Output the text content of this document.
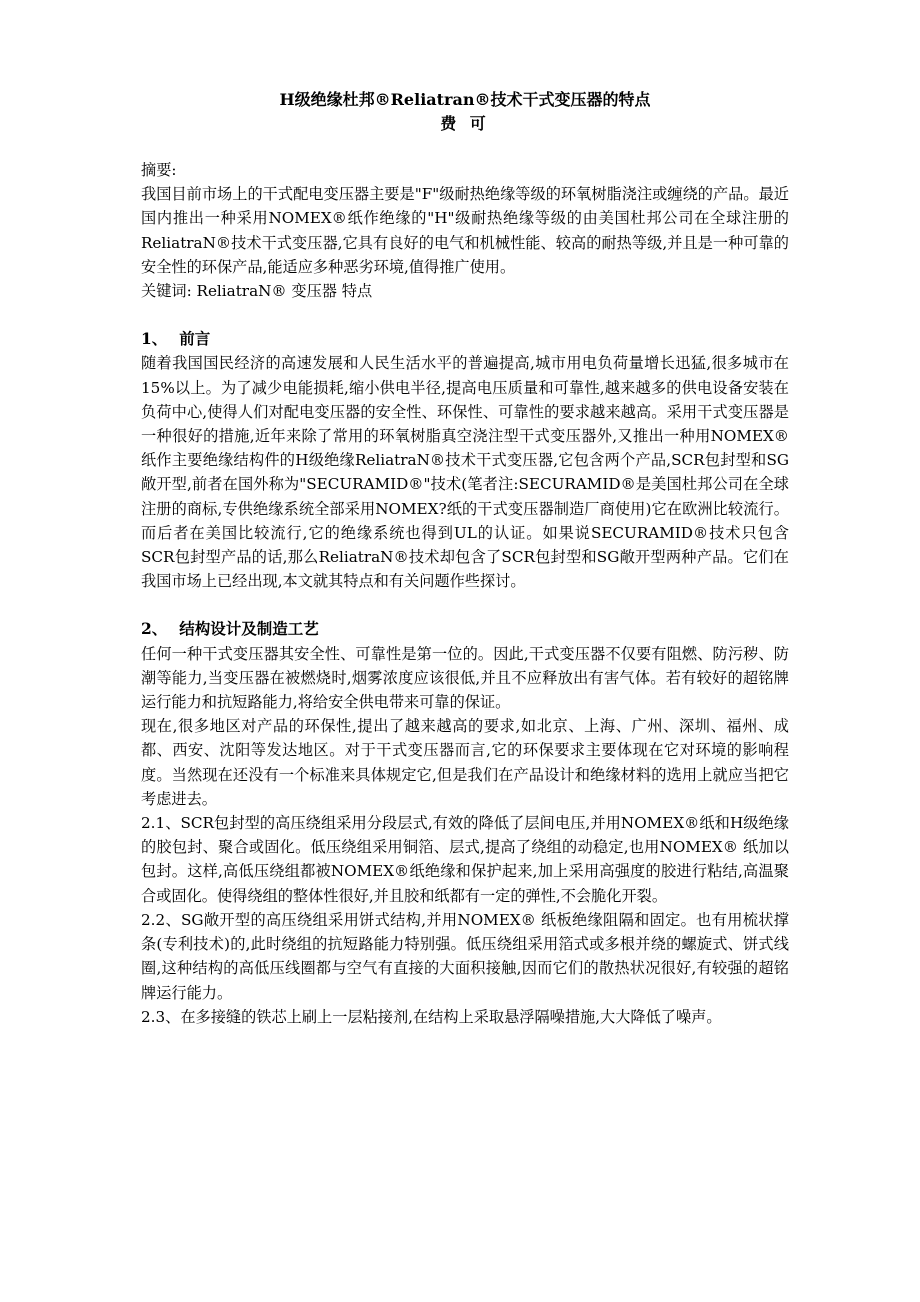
H级绝缘杜邦®Reliatran®技术干式变压器的特点

费 可

摘要:

我国目前市场上的干式配电变压器主要是"F"级耐热绝缘等级的环氧树脂浇注或缠绕的产品。最近国内推出一种采用NOMEX®纸作绝缘的"H"级耐热绝缘等级的由美国杜邦公司在全球注册的ReliatraN®技术干式变压器,它具有良好的电气和机械性能、较高的耐热等级,并且是一种可靠的安全性的环保产品,能适应多种恶劣环境,值得推广使用。

关键词: ReliatraN® 变压器 特点

1、 前言

随着我国国民经济的高速发展和人民生活水平的普遍提高,城市用电负荷量增长迅猛,很多城市在15%以上。为了减少电能损耗,缩小供电半径,提高电压质量和可靠性,越来越多的供电设备安装在负荷中心,使得人们对配电变压器的安全性、环保性、可靠性的要求越来越高。采用干式变压器是一种很好的措施,近年来除了常用的环氧树脂真空浇注型干式变压器外,又推出一种用NOMEX®纸作主要绝缘结构件的H级绝缘ReliatraN®技术干式变压器,它包含两个产品,SCR包封型和SG敞开型,前者在国外称为"SECURAMID®"技术(笔者注:SECURAMID®是美国杜邦公司在全球注册的商标,专供绝缘系统全部采用NOMEX?纸的干式变压器制造厂商使用)它在欧洲比较流行。而后者在美国比较流行,它的绝缘系统也得到UL的认证。如果说SECURAMID®技术只包含SCR包封型产品的话,那么ReliatraN®技术却包含了SCR包封型和SG敞开型两种产品。它们在我国市场上已经出现,本文就其特点和有关问题作些探讨。

2、 结构设计及制造工艺

任何一种干式变压器其安全性、可靠性是第一位的。因此,干式变压器不仅要有阻燃、防污秽、防潮等能力,当变压器在被燃烧时,烟雾浓度应该很低,并且不应释放出有害气体。若有较好的超铭牌运行能力和抗短路能力,将给安全供电带来可靠的保证。

现在,很多地区对产品的环保性,提出了越来越高的要求,如北京、上海、广州、深圳、福州、成都、西安、沈阳等发达地区。对于干式变压器而言,它的环保要求主要体现在它对环境的影响程度。当然现在还没有一个标准来具体规定它,但是我们在产品设计和绝缘材料的选用上就应当把它考虑进去。

2.1、SCR包封型的高压绕组采用分段层式,有效的降低了层间电压,并用NOMEX®纸和H级绝缘的胶包封、聚合或固化。低压绕组采用铜箔、层式,提高了绕组的动稳定,也用NOMEX® 纸加以包封。这样,高低压绕组都被NOMEX®纸绝缘和保护起来,加上采用高强度的胶进行粘结,高温聚合或固化。使得绕组的整体性很好,并且胶和纸都有一定的弹性,不会脆化开裂。

2.2、SG敞开型的高压绕组采用饼式结构,并用NOMEX® 纸板绝缘阻隔和固定。也有用梳状撑条(专利技术)的,此时绕组的抗短路能力特别强。低压绕组采用箔式或多根并绕的螺旋式、饼式线圈,这种结构的高低压线圈都与空气有直接的大面积接触,因而它们的散热状况很好,有较强的超铭牌运行能力。

2.3、在多接缝的铁芯上刷上一层粘接剂,在结构上采取悬浮隔噪措施,大大降低了噪声。
